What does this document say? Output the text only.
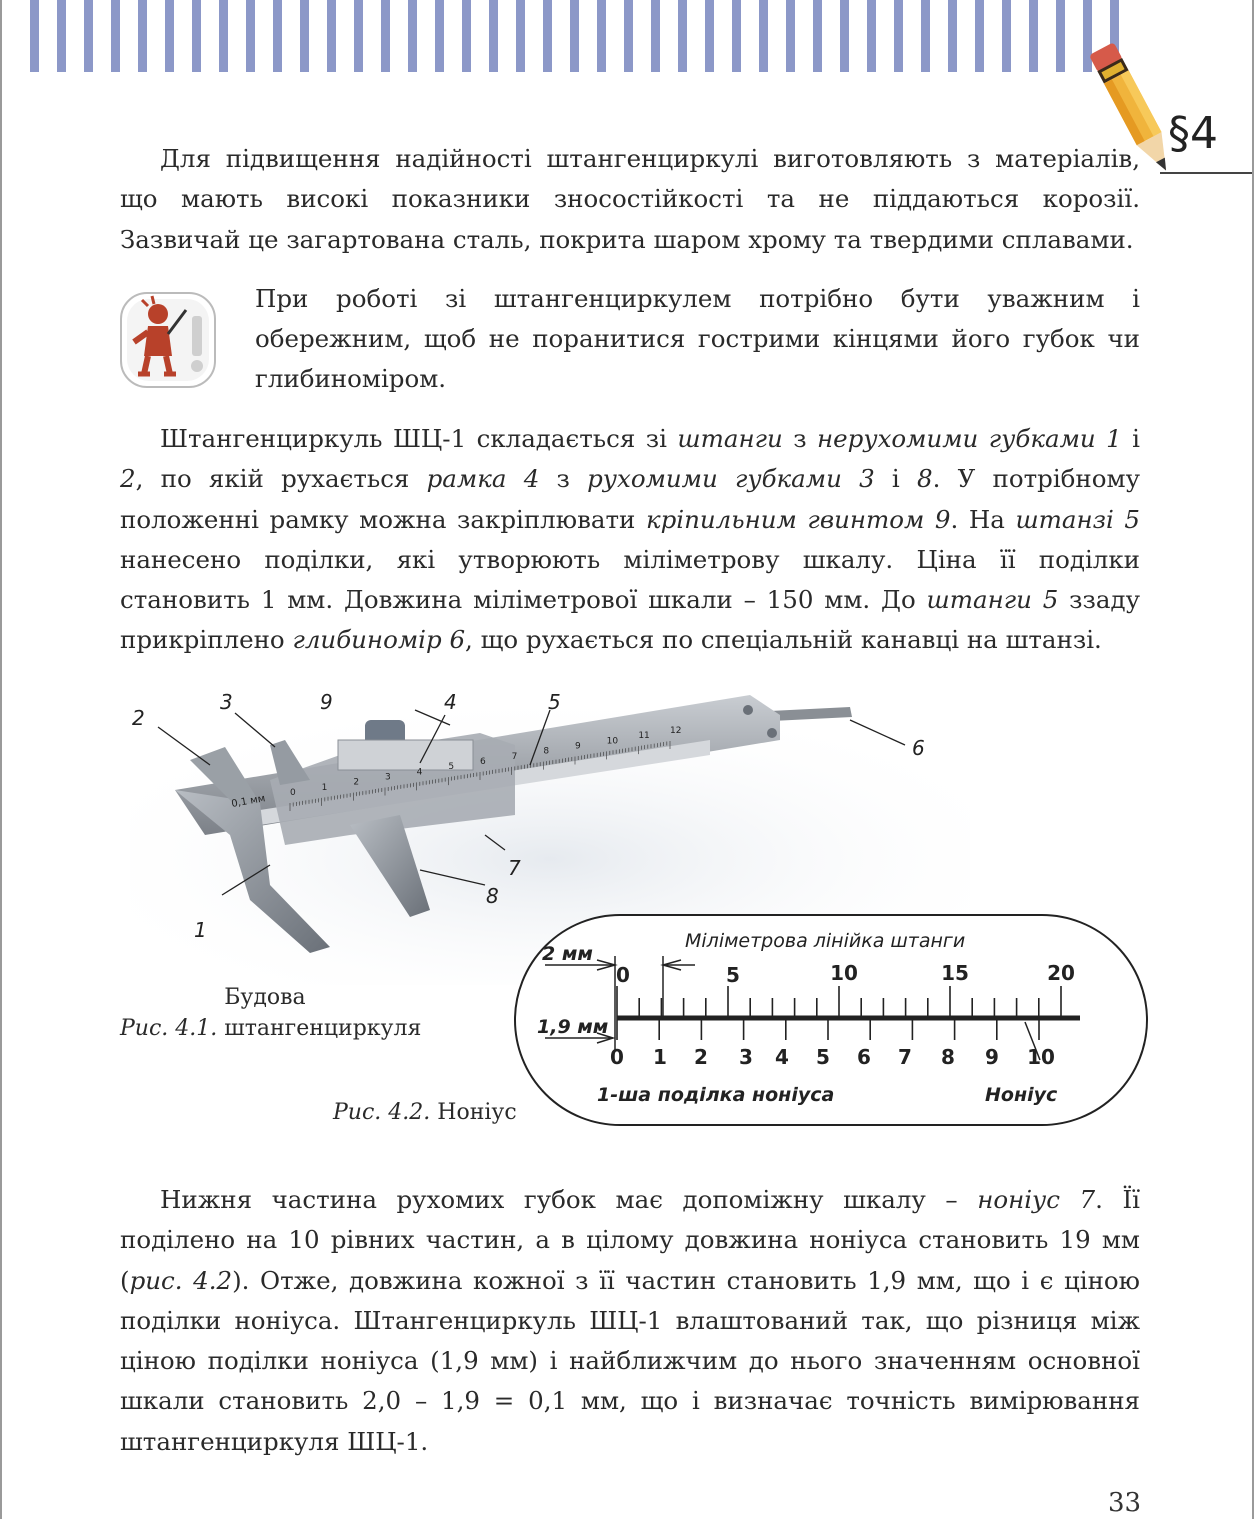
§4

Для підвищення надійності штангенциркулі виготовляють з матеріалів, що мають високі показники зносостійкості та не піддаються корозії. Зазвичай це загартована сталь, покрита шаром хрому та твердими сплавами.

При роботі зі штангенциркулем потрібно бути уважним і обережним, щоб не поранитися гострими кінцями його губок чи глибиноміром.

Штангенциркуль ШЦ-1 складається зі штанги з нерухомими губками 1 і 2, по якій рухається рамка 4 з рухомими губками 3 і 8. У потрібному положенні рамку можна закріплювати кріпильним гвинтом 9. На штанзі 5 нанесено поділки, які утворюють міліметрову шкалу. Ціна її поділки становить 1 мм. Довжина міліметрової шкали – 150 мм. До штанги 5 ззаду прикріплено глибиномір 6, що рухається по спеціальній канавці на штанзі.

0
1
2
3
4
5
6
7
8
9
10
11
12
1
2
3	4	5
6
7
8
9
0,1 мм
Рис. 4.1. Будова штангенциркуля
Міліметрова лінійка штанги
2 мм
1,9 мм
0	5	10	15	20
0 1 2 3 4 5 6 7 8 9 10
1-ша поділка ноніуса	Ноніус
Рис. 4.2. Ноніус

Нижня частина рухомих губок має допоміжну шкалу – ноніус 7. Її поділено на 10 рівних частин, а в цілому довжина ноніуса становить 19 мм (рис. 4.2). Отже, довжина кожної з її частин становить 1,9 мм, що і є ціною поділки ноніуса. Штангенциркуль ШЦ-1 влаштований так, що різниця між ціною поділки ноніуса (1,9 мм) і найближчим до нього значенням основної шкали становить 2,0 – 1,9 = 0,1 мм, що і визначає точність вимірювання штангенциркуля ШЦ-1.

33
